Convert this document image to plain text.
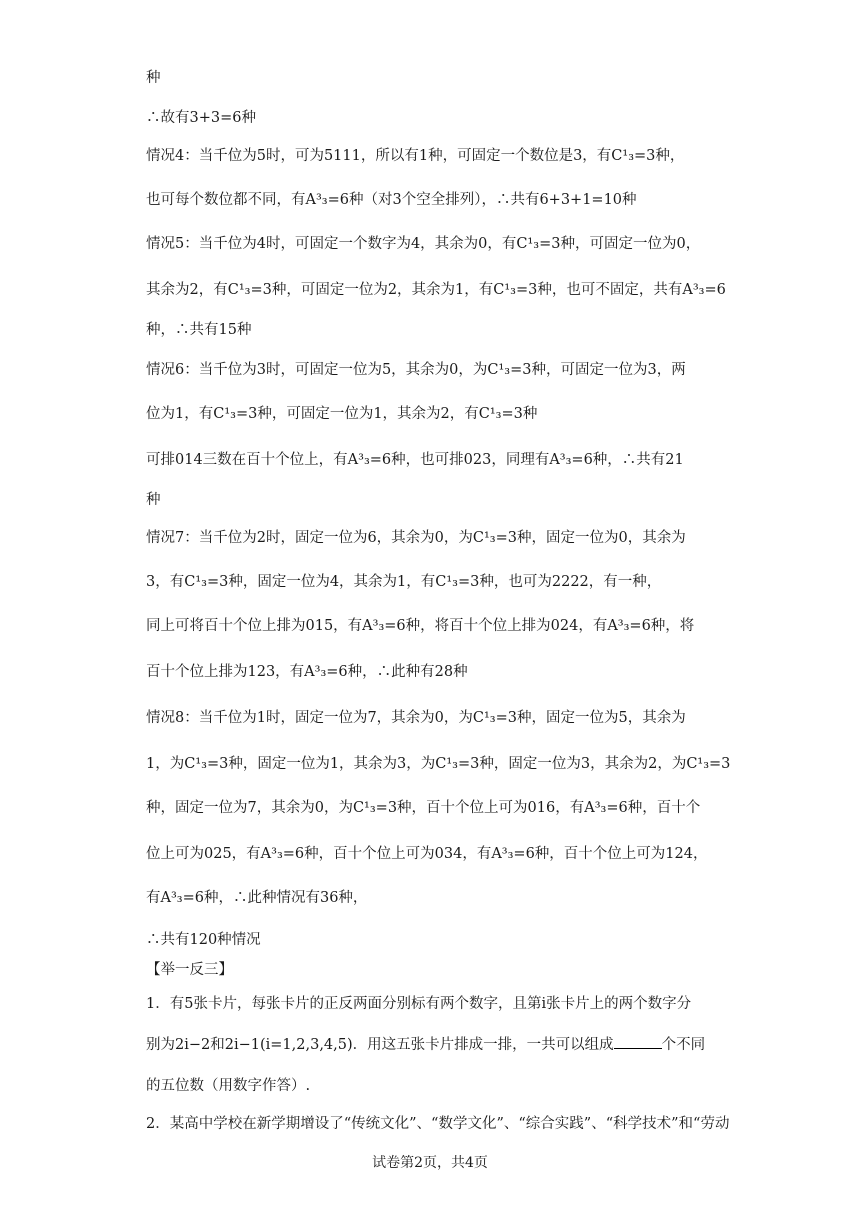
种
∴故有3+3=6种
情况4：当千位为5时，可为5111，所以有1种，可固定一个数位是3，有C¹₃=3种，
也可每个数位都不同，有A³₃=6种（对3个空全排列），∴共有6+3+1=10种
情况5：当千位为4时，可固定一个数字为4，其余为0，有C¹₃=3种，可固定一位为0，
其余为2，有C¹₃=3种，可固定一位为2，其余为1，有C¹₃=3种，也可不固定，共有A³₃=6
种，∴共有15种
情况6：当千位为3时，可固定一位为5，其余为0，为C¹₃=3种，可固定一位为3，两
位为1，有C¹₃=3种，可固定一位为1，其余为2，有C¹₃=3种
可排014三数在百十个位上，有A³₃=6种，也可排023，同理有A³₃=6种，∴共有21
种
情况7：当千位为2时，固定一位为6，其余为0，为C¹₃=3种，固定一位为0，其余为
3，有C¹₃=3种，固定一位为4，其余为1，有C¹₃=3种，也可为2222，有一种，
同上可将百十个位上排为015，有A³₃=6种，将百十个位上排为024，有A³₃=6种，将
百十个位上排为123，有A³₃=6种，∴此种有28种
情况8：当千位为1时，固定一位为7，其余为0，为C¹₃=3种，固定一位为5，其余为
1，为C¹₃=3种，固定一位为1，其余为3，为C¹₃=3种，固定一位为3，其余为2，为C¹₃=3
种，固定一位为7，其余为0，为C¹₃=3种，百十个位上可为016，有A³₃=6种，百十个
位上可为025，有A³₃=6种，百十个位上可为034，有A³₃=6种，百十个位上可为124，
有A³₃=6种，∴此种情况有36种，
∴共有120种情况
【举一反三】
1．有5张卡片，每张卡片的正反两面分别标有两个数字，且第i张卡片上的两个数字分
别为2i−2和2i−1(i=1,2,3,4,5)．用这五张卡片排成一排，一共可以组成	个不同
的五位数（用数字作答）.
2．某高中学校在新学期增设了“传统文化”、“数学文化”、“综合实践”、“科学技术”和“劳动
试卷第2页，共4页
